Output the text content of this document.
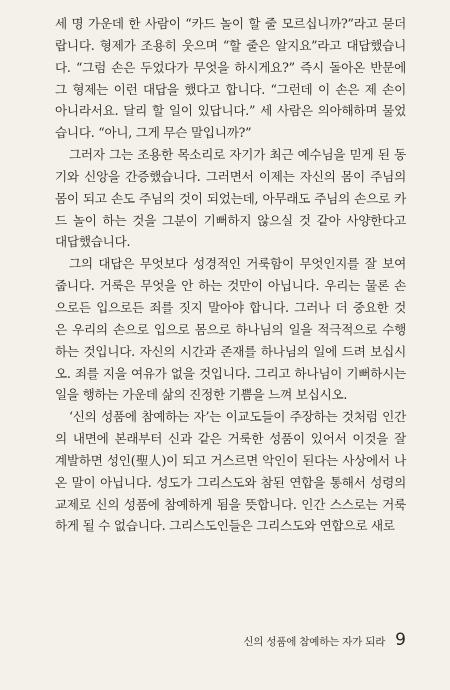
세 명 가운데 한 사람이 “카드 놀이 할 줄 모르십니까?”라고 묻더
랍니다. 형제가 조용히 웃으며 “할 줄은 알지요”라고 대답했습니
다. “그럼 손은 두었다가 무엇을 하시게요?” 즉시 돌아온 반문에
그 형제는 이런 대답을 했다고 합니다. “그런데 이 손은 제 손이
아니라서요. 달리 할 일이 있답니다.” 세 사람은 의아해하며 물었
습니다. “아니, 그게 무슨 말입니까?”
그러자 그는 조용한 목소리로 자기가 최근 예수님을 믿게 된 동
기와 신앙을 간증했습니다. 그러면서 이제는 자신의 몸이 주님의
몸이 되고 손도 주님의 것이 되었는데, 아무래도 주님의 손으로 카
드 놀이 하는 것을 그분이 기뻐하지 않으실 것 같아 사양한다고
대답했습니다.
그의 대답은 무엇보다 성경적인 거룩함이 무엇인지를 잘 보여
줍니다. 거룩은 무엇을 안 하는 것만이 아닙니다. 우리는 물론 손
으로든 입으로든 죄를 짓지 말아야 합니다. 그러나 더 중요한 것
은 우리의 손으로 입으로 몸으로 하나님의 일을 적극적으로 수행
하는 것입니다. 자신의 시간과 존재를 하나님의 일에 드려 보십시
오. 죄를 지을 여유가 없을 것입니다. 그리고 하나님이 기뻐하시는
일을 행하는 가운데 삶의 진정한 기쁨을 느껴 보십시오.
‘신의 성품에 참예하는 자’는 이교도들이 주장하는 것처럼 인간
의 내면에 본래부터 신과 같은 거룩한 성품이 있어서 이것을 잘
계발하면 성인(聖人)이 되고 거스르면 악인이 된다는 사상에서 나
온 말이 아닙니다. 성도가 그리스도와 참된 연합을 통해서 성령의
교제로 신의 성품에 참예하게 됨을 뜻합니다. 인간 스스로는 거룩
하게 될 수 없습니다. 그리스도인들은 그리스도와 연합으로 새로
신의 성품에 참예하는 자가 되라 9
